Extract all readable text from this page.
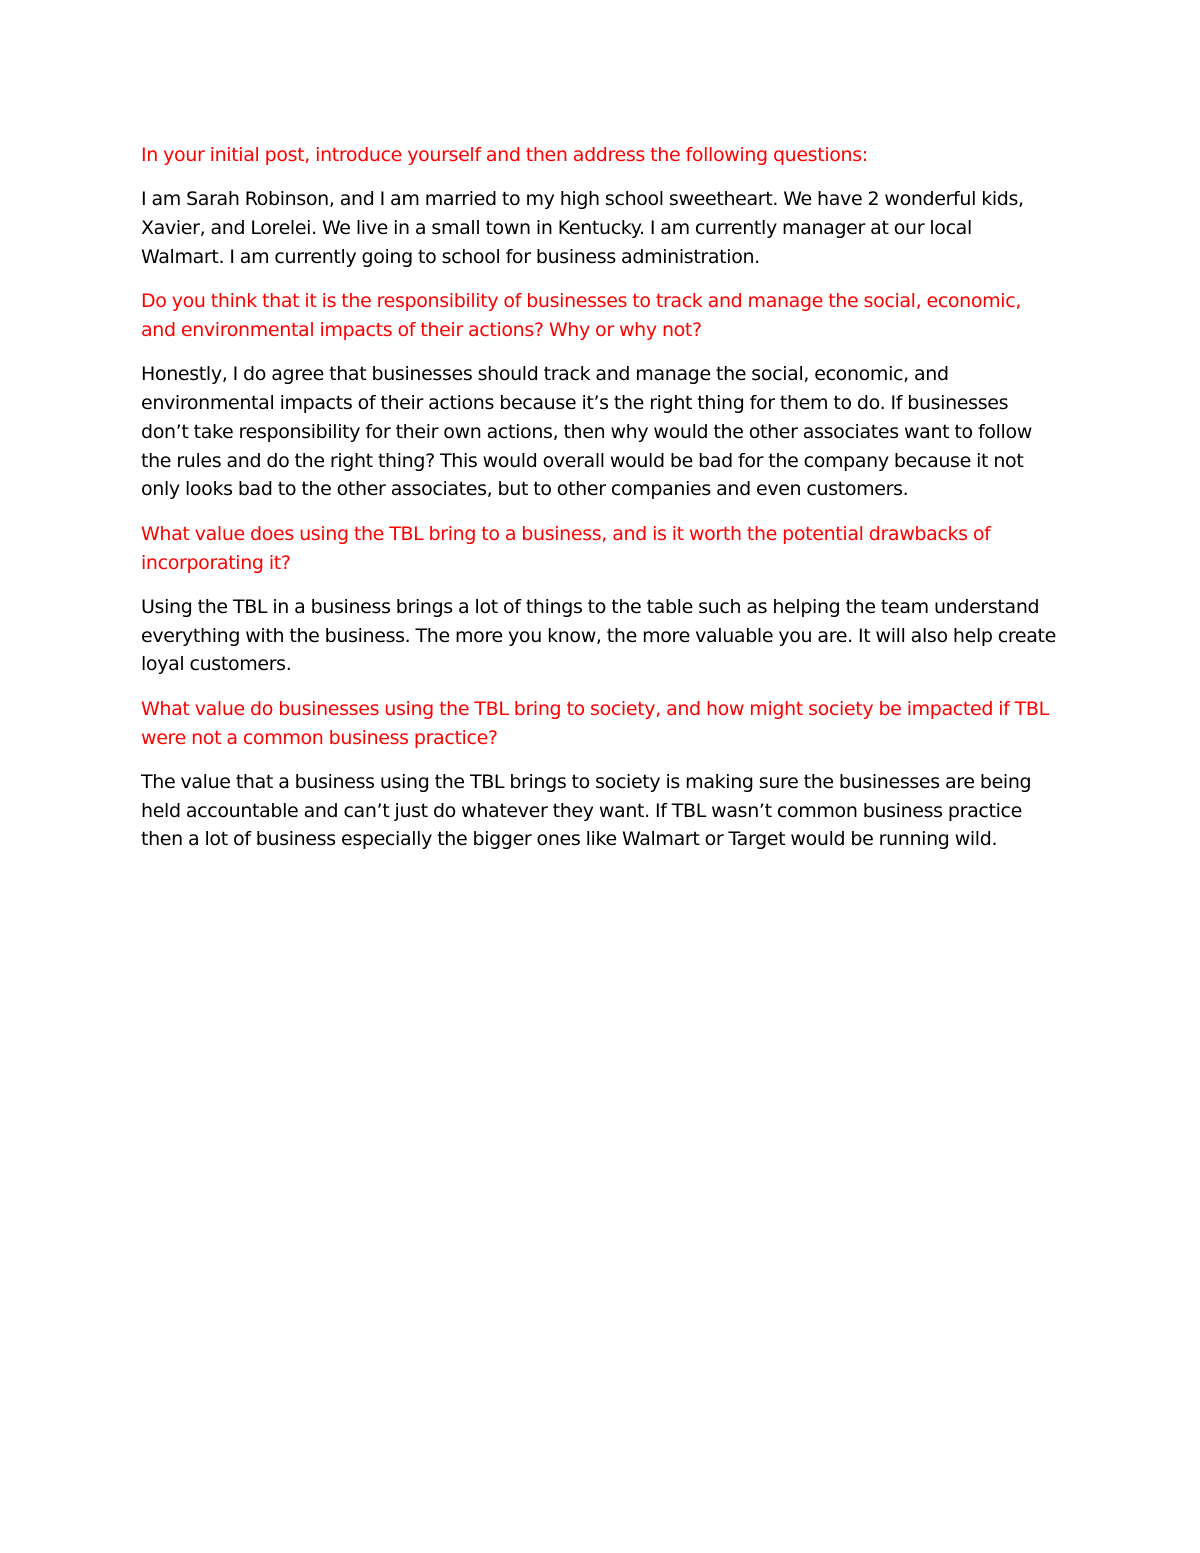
In your initial post, introduce yourself and then address the following questions:

I am Sarah Robinson, and I am married to my high school sweetheart. We have 2 wonderful kids, Xavier, and Lorelei. We live in a small town in Kentucky. I am currently manager at our local Walmart. I am currently going to school for business administration.

Do you think that it is the responsibility of businesses to track and manage the social, economic, and environmental impacts of their actions? Why or why not?

Honestly, I do agree that businesses should track and manage the social, economic, and environmental impacts of their actions because it’s the right thing for them to do. If businesses don’t take responsibility for their own actions, then why would the other associates want to follow the rules and do the right thing? This would overall would be bad for the company because it not only looks bad to the other associates, but to other companies and even customers.

What value does using the TBL bring to a business, and is it worth the potential drawbacks of incorporating it?

Using the TBL in a business brings a lot of things to the table such as helping the team understand everything with the business. The more you know, the more valuable you are. It will also help create loyal customers.

What value do businesses using the TBL bring to society, and how might society be impacted if TBL were not a common business practice?

The value that a business using the TBL brings to society is making sure the businesses are being held accountable and can’t just do whatever they want. If TBL wasn’t common business practice then a lot of business especially the bigger ones like Walmart or Target would be running wild.
